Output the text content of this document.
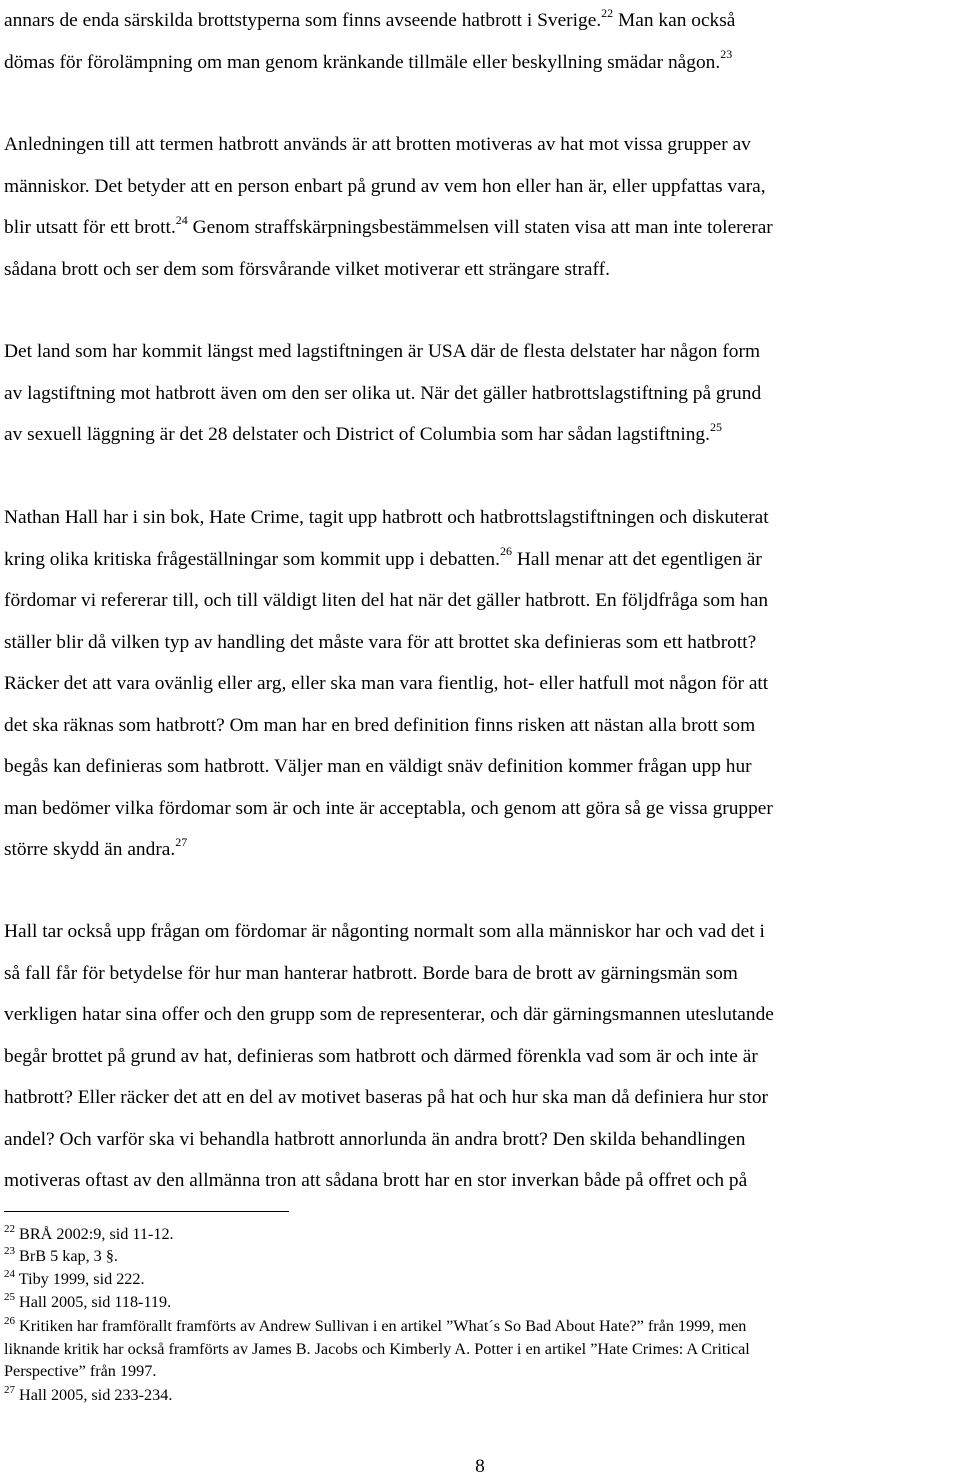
annars de enda särskilda brottstyperna som finns avseende hatbrott i Sverige.$^{22}$ Man kan också
dömas för förolämpning om man genom kränkande tillmäle eller beskyllning smädar någon.$^{23}$
Anledningen till att termen hatbrott används är att brotten motiveras av hat mot vissa grupper av
människor. Det betyder att en person enbart på grund av vem hon eller han är, eller uppfattas vara,
blir utsatt för ett brott.$^{24}$ Genom straffskärpningsbestämmelsen vill staten visa att man inte tolererar
sådana brott och ser dem som försvårande vilket motiverar ett strängare straff.
Det land som har kommit längst med lagstiftningen är USA där de flesta delstater har någon form
av lagstiftning mot hatbrott även om den ser olika ut. När det gäller hatbrottslagstiftning på grund
av sexuell läggning är det 28 delstater och District of Columbia som har sådan lagstiftning.$^{25}$
Nathan Hall har i sin bok, Hate Crime, tagit upp hatbrott och hatbrottslagstiftningen och diskuterat
kring olika kritiska frågeställningar som kommit upp i debatten.$^{26}$ Hall menar att det egentligen är
fördomar vi refererar till, och till väldigt liten del hat när det gäller hatbrott. En följdfråga som han
ställer blir då vilken typ av handling det måste vara för att brottet ska definieras som ett hatbrott?
Räcker det att vara ovänlig eller arg, eller ska man vara fientlig, hot- eller hatfull mot någon för att
det ska räknas som hatbrott? Om man har en bred definition finns risken att nästan alla brott som
begås kan definieras som hatbrott. Väljer man en väldigt snäv definition kommer frågan upp hur
man bedömer vilka fördomar som är och inte är acceptabla, och genom att göra så ge vissa grupper
större skydd än andra.$^{27}$
Hall tar också upp frågan om fördomar är någonting normalt som alla människor har och vad det i
så fall får för betydelse för hur man hanterar hatbrott. Borde bara de brott av gärningsmän som
verkligen hatar sina offer och den grupp som de representerar, och där gärningsmannen uteslutande
begår brottet på grund av hat, definieras som hatbrott och därmed förenkla vad som är och inte är
hatbrott? Eller räcker det att en del av motivet baseras på hat och hur ska man då definiera hur stor
andel? Och varför ska vi behandla hatbrott annorlunda än andra brott? Den skilda behandlingen
motiveras oftast av den allmänna tron att sådana brott har en stor inverkan både på offret och på
$^{22}$ BRÅ 2002:9, sid 11-12.
$^{23}$ BrB 5 kap, 3 §.
$^{24}$ Tiby 1999, sid 222.
$^{25}$ Hall 2005, sid 118-119.
$^{26}$ Kritiken har framförallt framförts av Andrew Sullivan i en artikel ”What´s So Bad About Hate?” från 1999, men
liknande kritik har också framförts av James B. Jacobs och Kimberly A. Potter i en artikel ”Hate Crimes: A Critical
Perspective” från 1997.
$^{27}$ Hall 2005, sid 233-234.
8
